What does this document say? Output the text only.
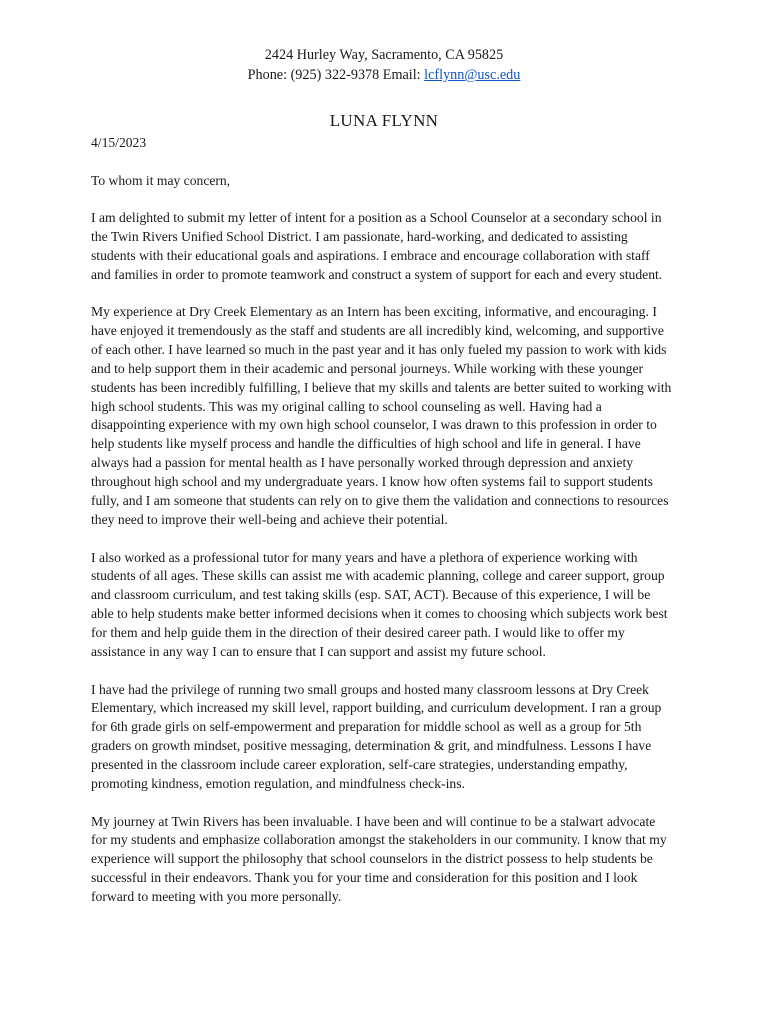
2424 Hurley Way, Sacramento, CA 95825
Phone: (925) 322-9378 Email: lcflynn@usc.edu
LUNA FLYNN
4/15/2023
To whom it may concern,

I am delighted to submit my letter of intent for a position as a School Counselor at a secondary school in
the Twin Rivers Unified School District. I am passionate, hard-working, and dedicated to assisting
students with their educational goals and aspirations. I embrace and encourage collaboration with staff
and families in order to promote teamwork and construct a system of support for each and every student.

My experience at Dry Creek Elementary as an Intern has been exciting, informative, and encouraging. I
have enjoyed it tremendously as the staff and students are all incredibly kind, welcoming, and supportive
of each other. I have learned so much in the past year and it has only fueled my passion to work with kids
and to help support them in their academic and personal journeys. While working with these younger
students has been incredibly fulfilling, I believe that my skills and talents are better suited to working with
high school students. This was my original calling to school counseling as well. Having had a
disappointing experience with my own high school counselor, I was drawn to this profession in order to
help students like myself process and handle the difficulties of high school and life in general. I have
always had a passion for mental health as I have personally worked through depression and anxiety
throughout high school and my undergraduate years. I know how often systems fail to support students
fully, and I am someone that students can rely on to give them the validation and connections to resources
they need to improve their well-being and achieve their potential.

I also worked as a professional tutor for many years and have a plethora of experience working with
students of all ages. These skills can assist me with academic planning, college and career support, group
and classroom curriculum, and test taking skills (esp. SAT, ACT). Because of this experience, I will be
able to help students make better informed decisions when it comes to choosing which subjects work best
for them and help guide them in the direction of their desired career path. I would like to offer my
assistance in any way I can to ensure that I can support and assist my future school.

I have had the privilege of running two small groups and hosted many classroom lessons at Dry Creek
Elementary, which increased my skill level, rapport building, and curriculum development. I ran a group
for 6th grade girls on self-empowerment and preparation for middle school as well as a group for 5th
graders on growth mindset, positive messaging, determination & grit, and mindfulness. Lessons I have
presented in the classroom include career exploration, self-care strategies, understanding empathy,
promoting kindness, emotion regulation, and mindfulness check-ins.

My journey at Twin Rivers has been invaluable. I have been and will continue to be a stalwart advocate
for my students and emphasize collaboration amongst the stakeholders in our community. I know that my
experience will support the philosophy that school counselors in the district possess to help students be
successful in their endeavors. Thank you for your time and consideration for this position and I look
forward to meeting with you more personally.
